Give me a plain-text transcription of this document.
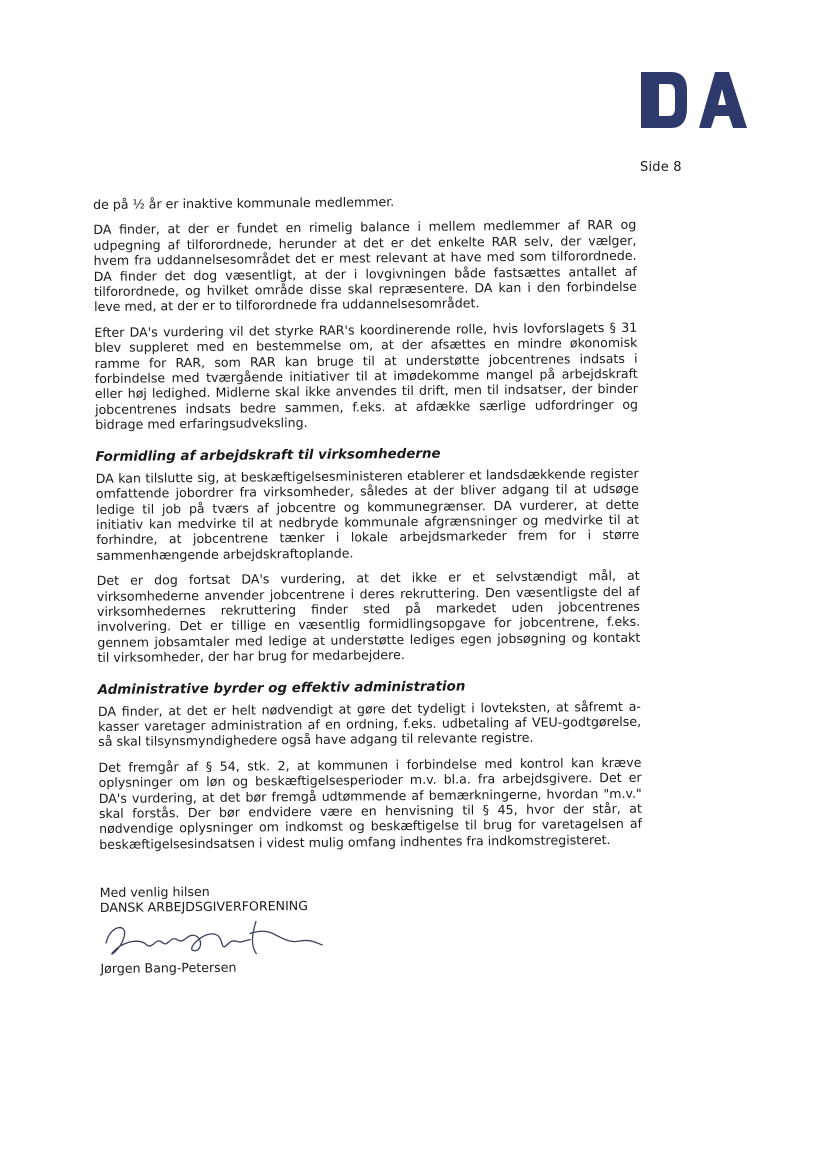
Side 8

de på ½ år er inaktive kommunale medlemmer.

DA finder, at der er fundet en rimelig balance i mellem medlemmer af RAR og udpegning af tilforordnede, herunder at det er det enkelte RAR selv, der vælger, hvem fra uddannelsesområdet det er mest relevant at have med som tilforordnede. DA finder det dog væsentligt, at der i lovgivningen både fastsættes antallet af tilforordnede, og hvilket område disse skal repræsentere. DA kan i den forbindelse leve med, at der er to tilforordnede fra uddannelsesområdet.

Efter DA's vurdering vil det styrke RAR's koordinerende rolle, hvis lovforslagets § 31 blev suppleret med en bestemmelse om, at der afsættes en mindre økonomisk ramme for RAR, som RAR kan bruge til at understøtte jobcentrenes indsats i forbindelse med tværgående initiativer til at imødekomme mangel på arbejdskraft eller høj ledighed. Midlerne skal ikke anvendes til drift, men til indsatser, der binder jobcentrenes indsats bedre sammen, f.eks. at afdække særlige udfordringer og bidrage med erfaringsudveksling.

Formidling af arbejdskraft til virksomhederne

DA kan tilslutte sig, at beskæftigelsesministeren etablerer et landsdækkende register omfattende jobordrer fra virksomheder, således at der bliver adgang til at udsøge ledige til job på tværs af jobcentre og kommunegrænser. DA vurderer, at dette initiativ kan medvirke til at nedbryde kommunale afgrænsninger og medvirke til at forhindre, at jobcentrene tænker i lokale arbejdsmarkeder frem for i større sammenhængende arbejdskraftoplande.

Det er dog fortsat DA's vurdering, at det ikke er et selvstændigt mål, at virksomhederne anvender jobcentrene i deres rekruttering. Den væsentligste del af virksomhedernes rekruttering finder sted på markedet uden jobcentrenes involvering. Det er tillige en væsentlig formidlingsopgave for jobcentrene, f.eks. gennem jobsamtaler med ledige at understøtte lediges egen jobsøgning og kontakt til virksomheder, der har brug for medarbejdere.

Administrative byrder og effektiv administration

DA finder, at det er helt nødvendigt at gøre det tydeligt i lovteksten, at såfremt a-kasser varetager administration af en ordning, f.eks. udbetaling af VEU-godtgørelse, så skal tilsynsmyndighedere også have adgang til relevante registre.

Det fremgår af § 54, stk. 2, at kommunen i forbindelse med kontrol kan kræve oplysninger om løn og beskæftigelsesperioder m.v. bl.a. fra arbejdsgivere. Det er DA's vurdering, at det bør fremgå udtømmende af bemærkningerne, hvordan "m.v." skal forstås. Der bør endvidere være en henvisning til § 45, hvor der står, at nødvendige oplysninger om indkomst og beskæftigelse til brug for varetagelsen af beskæftigelsesindsatsen i videst mulig omfang indhentes fra indkomstregisteret.

Med venlig hilsen
DANSK ARBEJDSGIVERFORENING
Jørgen Bang-Petersen
